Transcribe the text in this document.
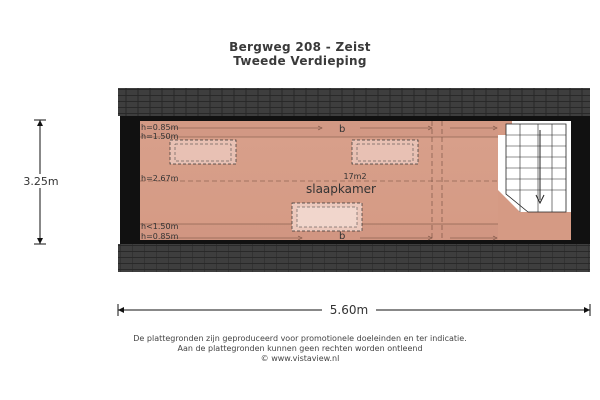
Bergweg 208 - Zeist
Tweede Verdieping
h=0.85m
h=1.50m
h=2.67m
h<1.50m
h=0.85m
b
b
17m2
slaapkamer
3.25m
5.60m
De plattegronden zijn geproduceerd voor promotionele doeleinden en ter indicatie.
Aan de plattegronden kunnen geen rechten worden ontleend
© www.vistaview.nl
